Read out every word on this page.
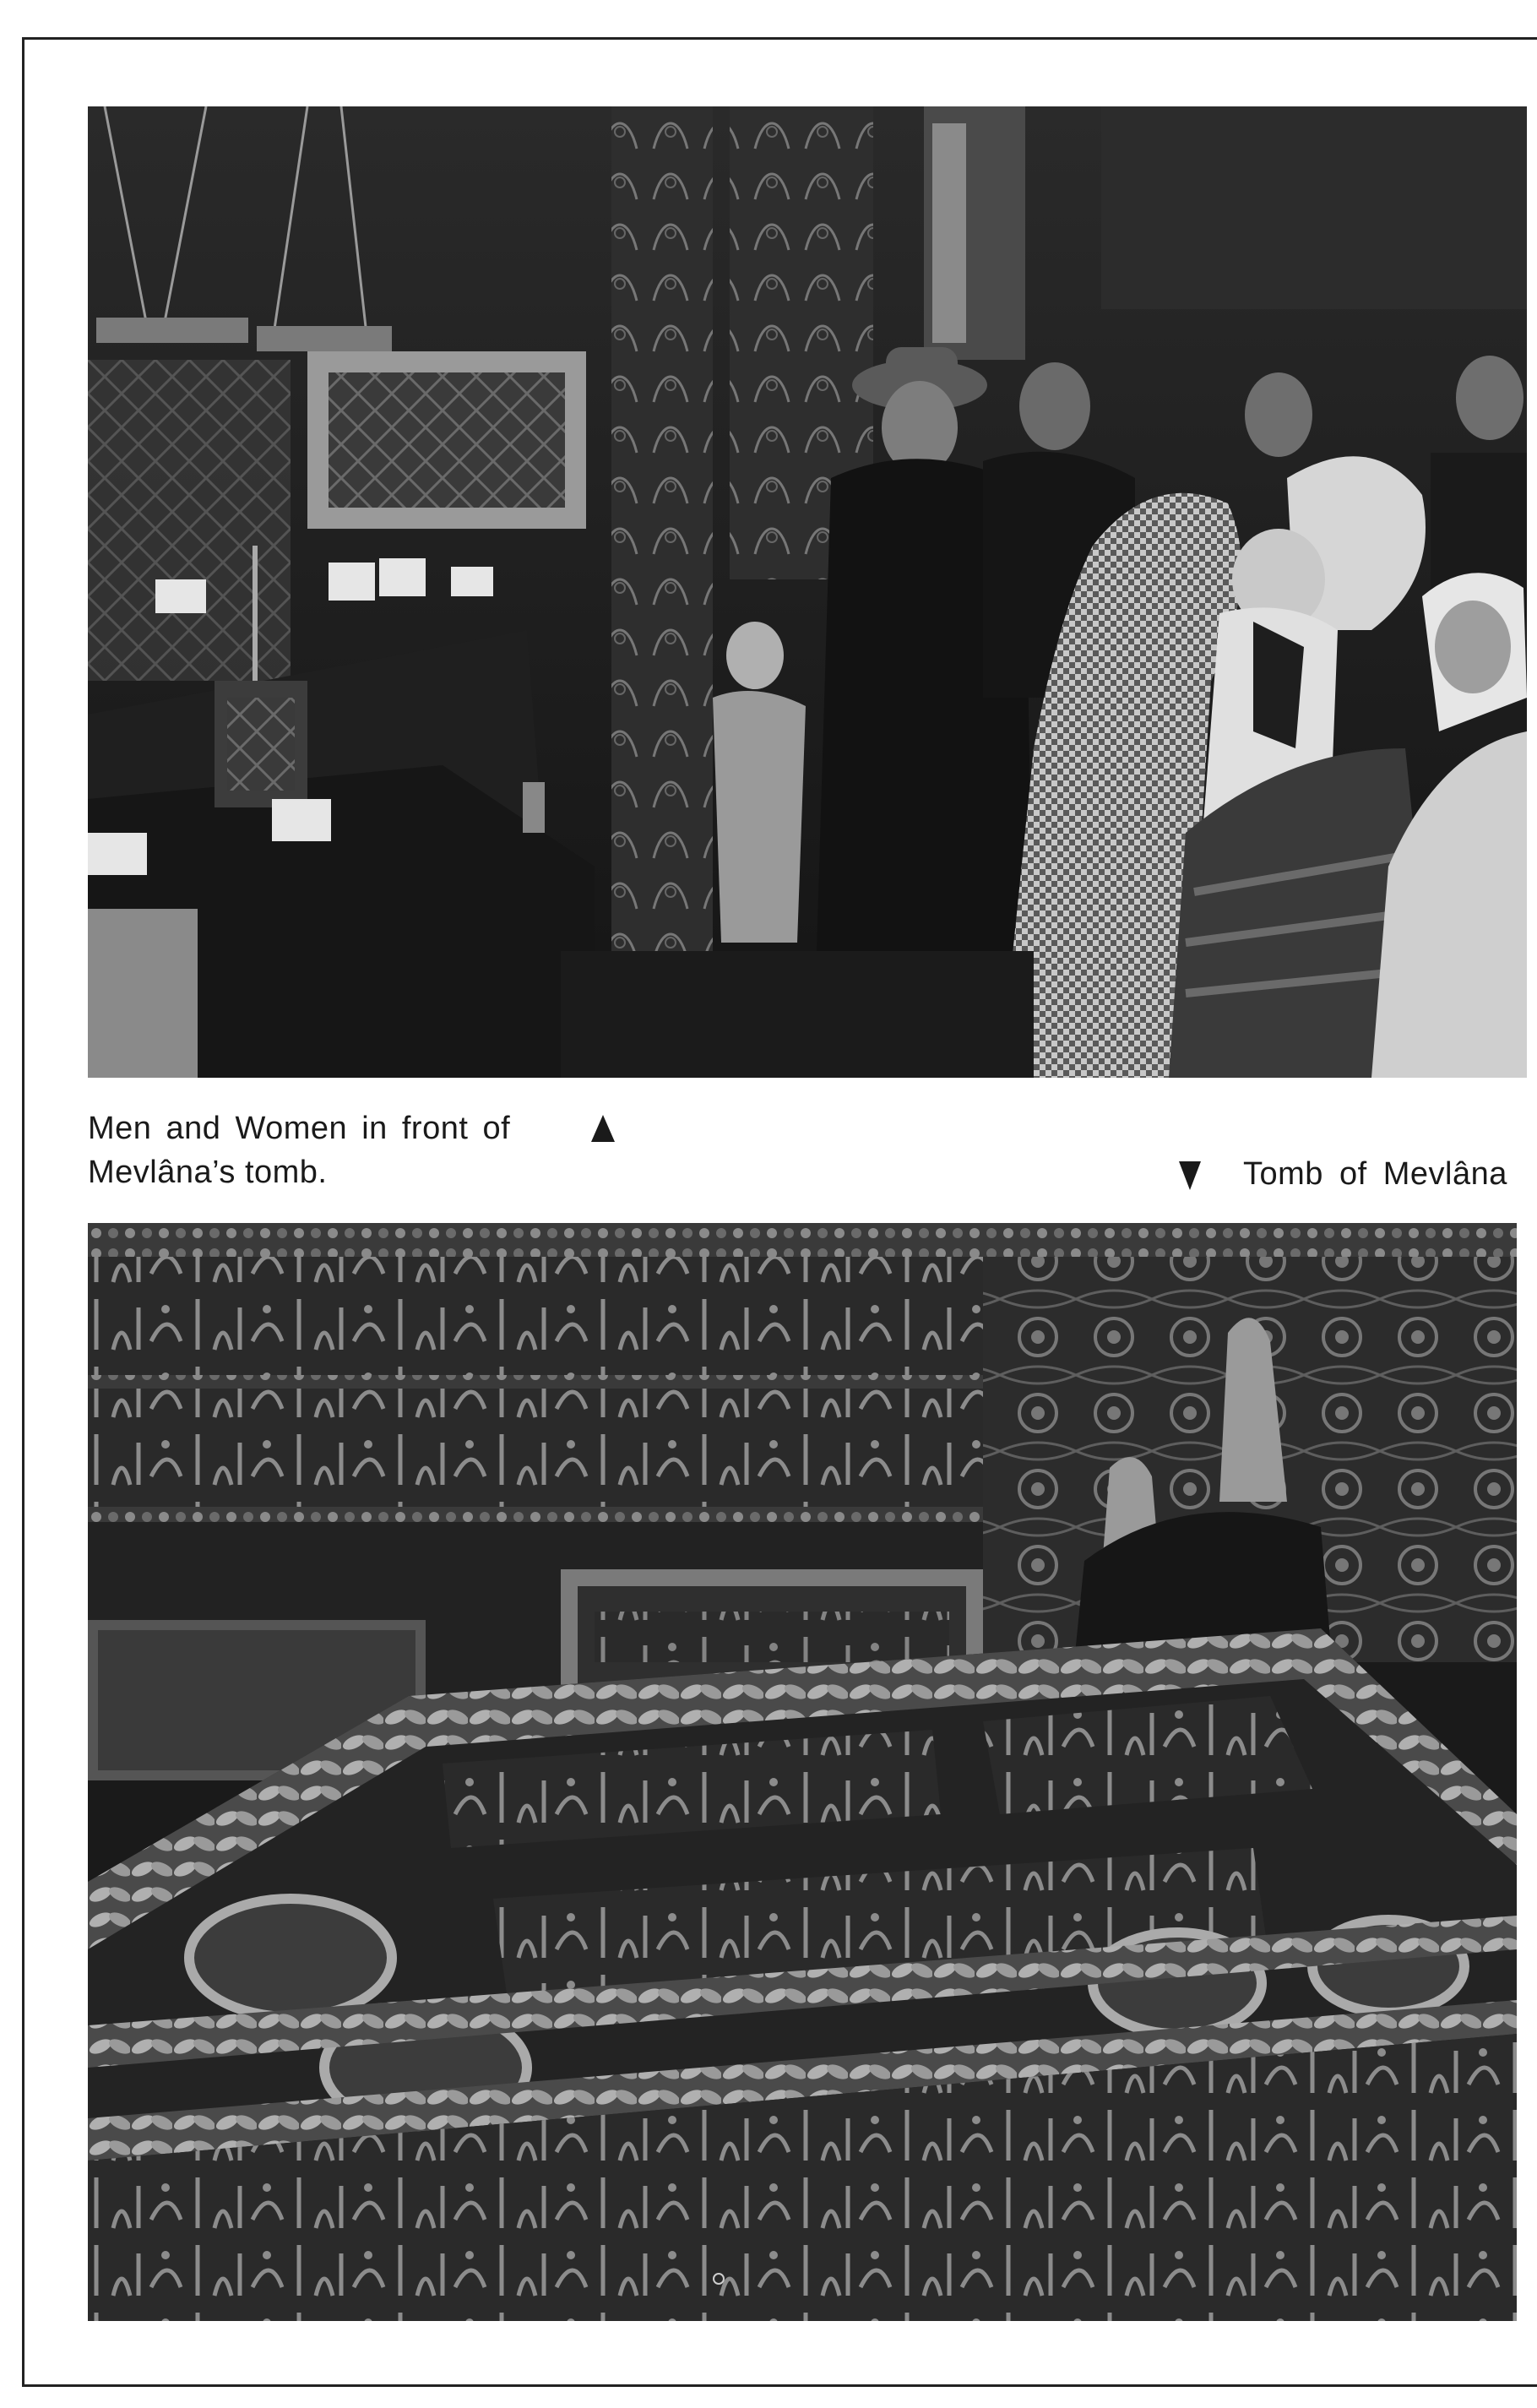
Men and Women in front of
Mevlâna’s tomb.	Tomb of Mevlâna
